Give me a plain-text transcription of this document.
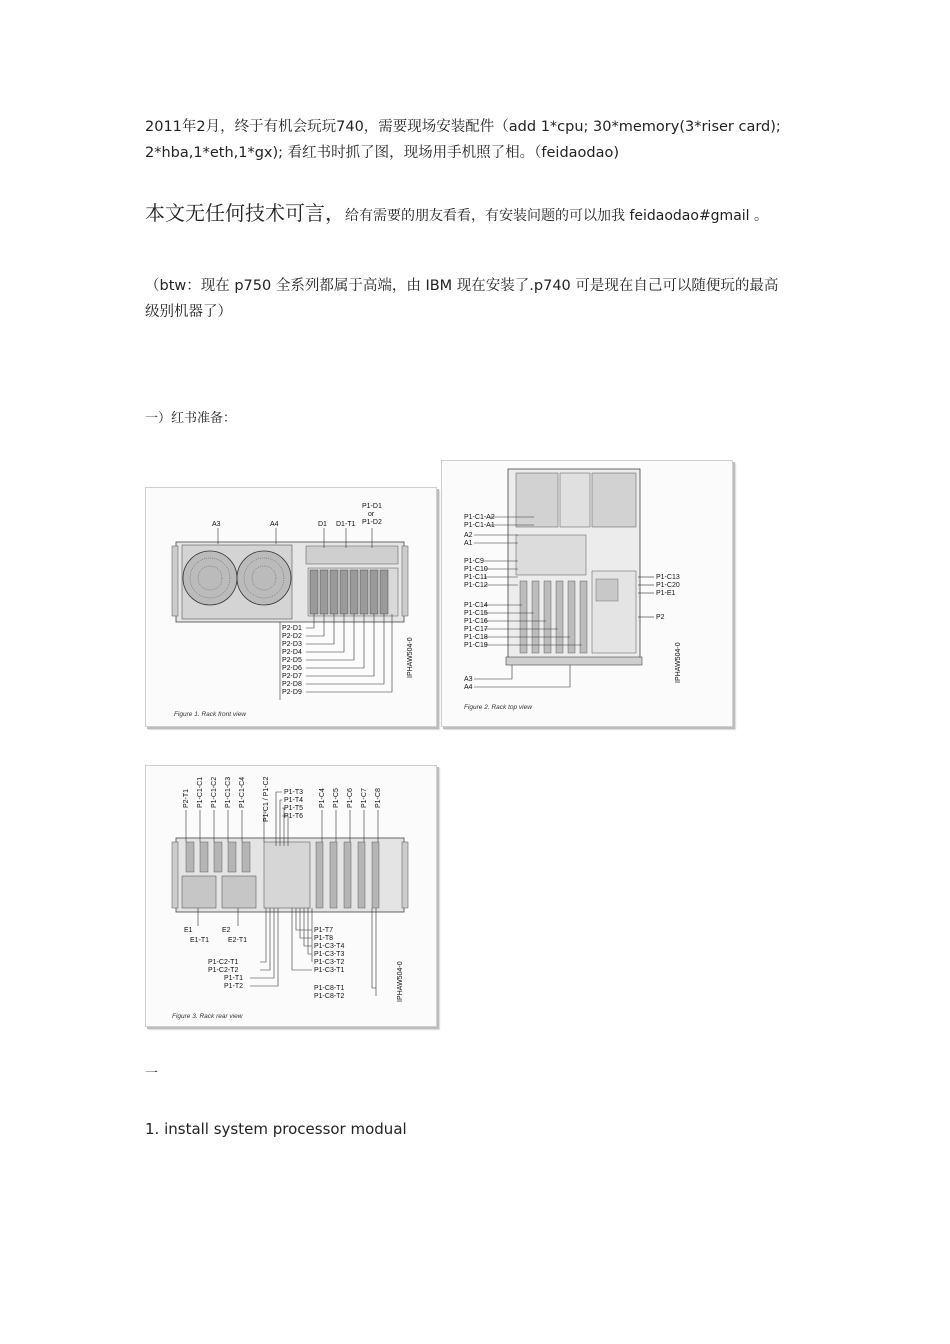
2011年2月，终于有机会玩玩740，需要现场安装配件（add 1*cpu; 30*memory(3*riser card);
2*hba,1*eth,1*gx); 看红书时抓了图，现场用手机照了相。（feidaodao)
本文无任何技术可言，给有需要的朋友看看，有安装问题的可以加我 feidaodao#gmail 。
（btw：现在 p750 全系列都属于高端，由 IBM 现在安装了.p740 可是现在自己可以随便玩的最高
级别机器了）
一）红书准备：
A3	A4	D1 D1-T1
P1-D1
or
P1-D2
P2-D1
P2-D2
P2-D3
P2-D4
P2-D5
P2-D6
P2-D7
P2-D8
P2-D9
IPHAW504-0
Figure 1. Rack front view
P1-C1-A2
P1-C1-A1
A2
A1
P1-C9
P1-C10
P1-C11
P1-C12
P1-C14
P1-C15
P1-C16
P1-C17
P1-C18
P1-C19
A3
A4
P1-C13
P1-C20
P1-E1
P2
IPHAW504-0
Figure 2. Rack top view
P2-T1 P1-C1-C1 P1-C1-C2 P1-C1-C3 P1-C1-C4 P1-C1 / P1-C2	P1-C4 P1-C5 P1-C6 P1-C7 P1-C8
P1-T3
P1-T4
P1-T5
P1-T6
E1
E1-T1
E2
E2-T1
P1-C2-T1
P1-C2-T2
P1-T1
P1-T2
P1-T7
P1-T8
P1-C3-T4
P1-C3-T3
P1-C3-T2
P1-C3-T1
P1-C8-T1
P1-C8-T2	IPHAW504-0
Figure 3. Rack rear view
一
1. install system processor modual
